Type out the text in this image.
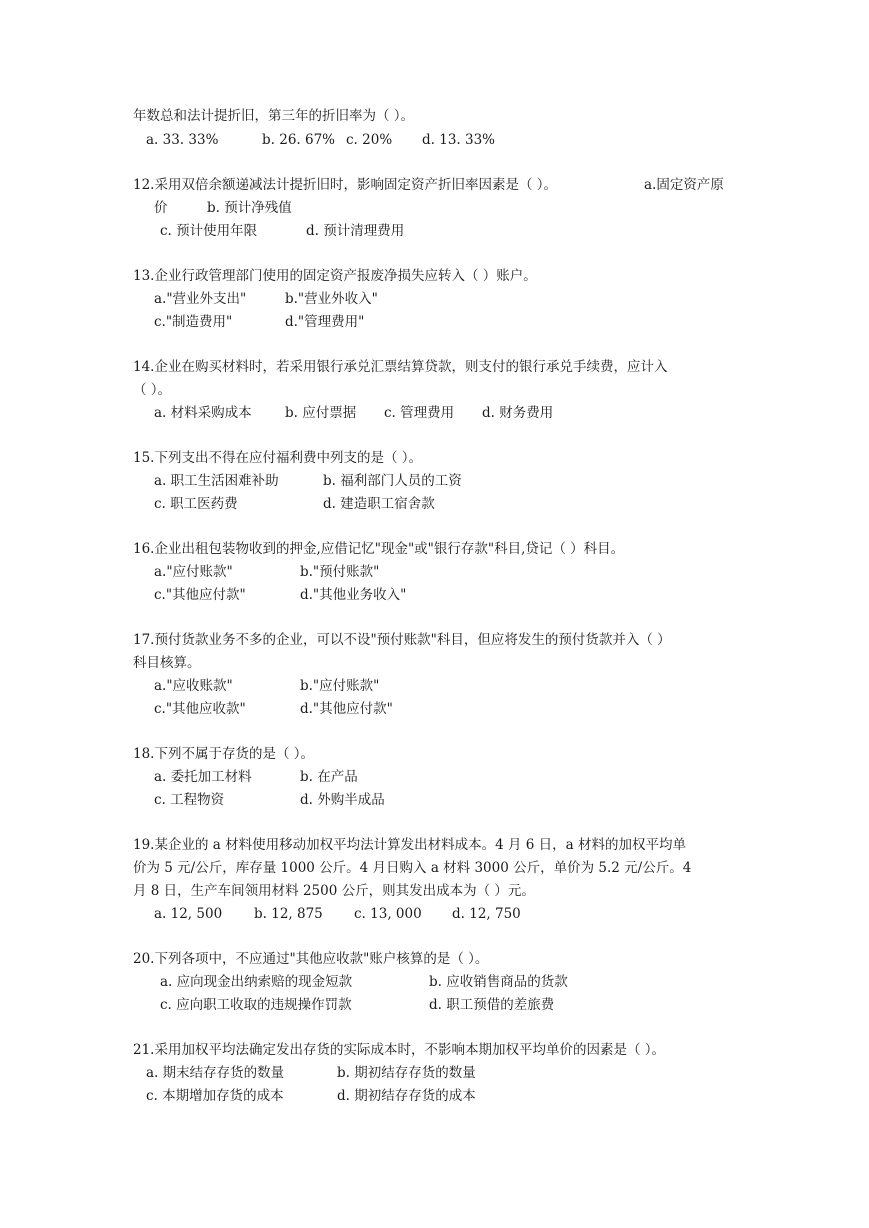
年数总和法计提折旧，第三年的折旧率为（ ）。
a. 33. 33%	b. 26. 67% c. 20% d. 13. 33%
12.采用双倍余额递减法计提折旧时，影响固定资产折旧率因素是（ ）。	a.固定资产原
价	b. 预计净残值
c. 预计使用年限	d. 预计清理费用
13.企业行政管理部门使用的固定资产报废净损失应转入（ ）账户。
a."营业外支出"	b."营业外收入"
c."制造费用"	d."管理费用"
14.企业在购买材料时，若采用银行承兑汇票结算贷款，则支付的银行承兑手续费，应计入
（ ）。
a. 材料采购成本 b. 应付票据 c. 管理费用 d. 财务费用
15.下列支出不得在应付福利费中列支的是（ ）。
a. 职工生活困难补助	b. 福利部门人员的工资
c. 职工医药费	d. 建造职工宿舍款
16.企业出租包装物收到的押金,应借记忆"现金"或"银行存款"科目,贷记（ ）科目。
a."应付账款"	b."预付账款"
c."其他应付款"	d."其他业务收入"
17.预付货款业务不多的企业，可以不设"预付账款"科目，但应将发生的预付货款并入（ ）
科目核算。
a."应收账款"	b."应付账款"
c."其他应收款"	d."其他应付款"
18.下列不属于存货的是（ ）。
a. 委托加工材料	b. 在产品
c. 工程物资	d. 外购半成品
19.某企业的 a 材料使用移动加权平均法计算发出材料成本。4 月 6 日，a 材料的加权平均单
价为 5 元/公斤，库存量 1000 公斤。4 月日购入 a 材料 3000 公斤，单价为 5.2 元/公斤。4
月 8 日，生产车间领用材料 2500 公斤，则其发出成本为（ ）元。
a. 12, 500 b. 12, 875 c. 13, 000 d. 12, 750
20.下列各项中，不应通过"其他应收款"账户核算的是（ ）。
a. 应向现金出纳索赔的现金短款	b. 应收销售商品的货款
c. 应向职工收取的违规操作罚款	d. 职工预借的差旅费
21.采用加权平均法确定发出存货的实际成本时，不影响本期加权平均单价的因素是（ ）。
a. 期末结存存货的数量	b. 期初结存存货的数量
c. 本期增加存货的成本	d. 期初结存存货的成本
